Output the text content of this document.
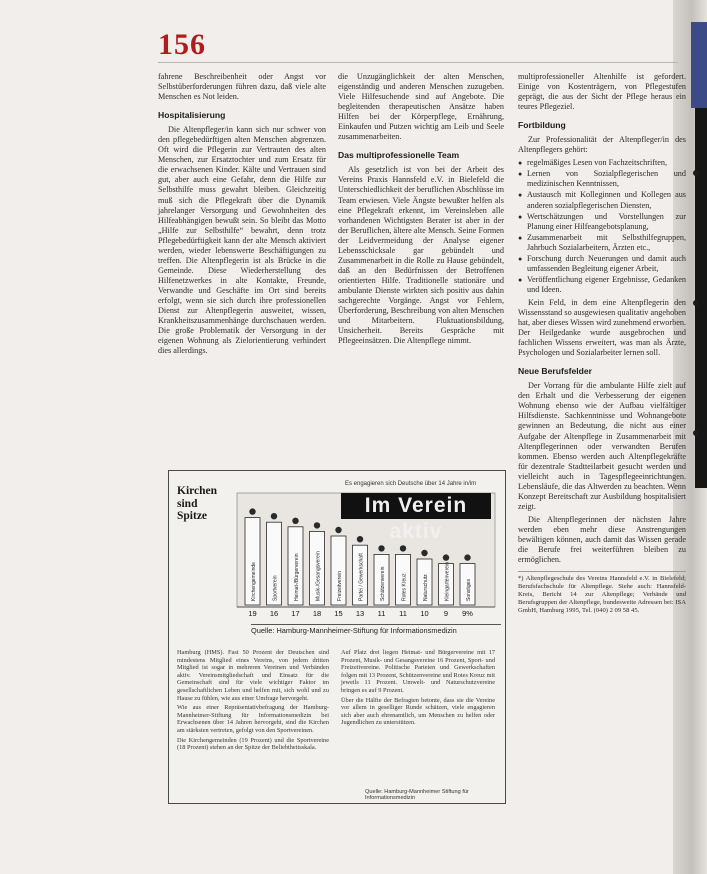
156

fahrene Beschreibenheit oder Angst vor Selbstüberforderungen führen dazu, daß viele alte Menschen es Not leiden.

Hospitalisierung

Die Altenpfleger/in kann sich nur schwer von den pflegebedürftigen alten Menschen abgrenzen. Oft wird die Pflegerin zur Vertrauten des alten Menschen, zur Ersatztochter und zum Ersatz für die erwachsenen Kinder. Kälte und Vertrauen sind gut, aber auch eine Gefahr, denn die Hilfe zur Selbsthilfe muss gewahrt bleiben. Gleichzeitig muß sich die Pflegekraft über die Dynamik jahrelanger Versorgung und Gewohnheiten des Hilfeabhängigen bewußt sein. So bleibt das Motto „Hilfe zur Selbsthilfe“ bewahrt, denn trotz Pflegebedürftigkeit kann der alte Mensch aktiviert werden, wieder lebenswerte Beschäftigungen zu treffen. Die Altenpflegerin ist als Brücke in die Gemeinde. Diese Wiederherstellung des Hilfenetzwerkes in alte Kontakte, Freunde, Verwandte und Geschäfte im Ort sind bereits erfolgt, wenn sie sich durch ihre professionellen Dienst zur Altenpflegerin ausweitet, wissen, Krankheitszusammenhänge durchschauen werden. Die große Problematik der Versorgung in der eigenen Wohnung als Zielorientierung verhindert dies allerdings.

die Unzugänglichkeit der alten Menschen, eigenständig und anderen Menschen zuzugeben. Viele Hilfesuchende sind auf Angebote. Die begleitenden therapeutischen Ansätze haben Hilfen bei der Körperpflege, Ernährung, Einkaufen und Putzen wichtig am Leib und Seele zusammenarbeiten.

Das multiprofessionelle Team

Als gesetzlich ist von bei der Arbeit des Vereins Praxis Hannsfeld e.V. in Bielefeld die Unterschiedlichkeit der beruflichen Abschlüsse im Team erwiesen. Viele Ängste bewußter helfen als eine Pflegekraft erkennt, im Vereinsleben alle vorhandenen Wichtigsten Berater ist aber in der der Beruflichen, ältere alte Mensch. Seine Formen der Leidvermeidung der Analyse eigener Lebensschicksale gar gebündelt und Zusammenarbeit in die Rolle zu Hause gebündelt, daß an den Bedürfnissen der Betroffenen orientierten Hilfe. Traditionelle stationäre und ambulante Dienste wirkten sich positiv aus dahin sachgerechte Vorgänge. Angst vor Fehlern, Überforderung, Beschreibung von alten Menschen und Mitarbeitern. Fluktuationsbildung, Unsicherheit. Bereits Gespräche mit Pflegeeinsätzen. Die Altenpflege nimmt.

multiprofessioneller Altenhilfe ist gefordert. Einige von Kostenträgern, von Pflegestufen geprägt, die aus der Sicht der Pflege heraus ein teures Pflegeziel.

Fortbildung

Zur Professionalität der Altenpfleger/in des Altenpflegers gehört:

● regelmäßiges Lesen von Fachzeitschriften,
● Lernen von Sozialpflegerischen und medizinischen Kenntnissen,
● Austausch mit Kolleginnen und Kollegen aus anderen sozialpflegerischen Diensten,
● Wertschätzungen und Vorstellungen zur Planung einer Hilfeangebotsplanung,
● Zusammenarbeit mit Selbsthilfegruppen, Jahrbuch Sozialarbeitern, Ärzten etc.,
● Forschung durch Neuerungen und damit auch umfassenden Begleitung eigener Arbeit,
● Veröffentlichung eigener Ergebnisse, Gedanken und Ideen.

Kein Feld, in dem eine Altenpflegerin den Wissensstand so ausgewiesen qualitativ angehoben hat, aber dieses Wissen wird zunehmend erworben. Der Heilgedanke wurde ausgebrochen und fachlichen Wissens erweitert, was man als Ärzte, Psychologen und Sozialarbeiter lernen soll.

Neue Berufsfelder

Der Vorrang für die ambulante Hilfe zielt auf den Erhalt und die Verbesserung der eigenen Wohnung ebenso wie der Aufbau vielfältiger Hilfsdienste. Sachkenntnisse und Wohnangebote gewinnen an Bedeutung, die nicht aus einer Aufgabe der Altenpflege in Zusammenarbeit mit Altenpflegerinnen oder verwandten Berufen kommen. Ebenso werden auch Altenpflegekräfte für dezentrale Stadtteilarbeit gesucht werden und vielleicht auch in Tagespflegeeinrichtungen. Lebensläufe, die das Altwerden zu beachten. Wenn Konzept Bereitschaft zur Ausbildung hospitalisiert zeigt.

Die Altenpflegerinnen der nächsten Jahre werden eben mehr diese Anstrengungen bewältigen können, auch damit das Wissen gerade die Berufe frei weiterführen bleiben zu ermöglichen.

*) Altenpflegeschule des Vereins Hannsfeld e.V. in Bielefeld; Berufsfachschule für Altenpflege. Siehe auch: Hannsfeld-Kreis, Bericht 14 zur Altenpflege; Verbände und Berufsgruppen der Altenpflege, bundesweite Adressen bei: ISA GmbH, Hamburg 1995, Tel. (040) 2 09 58 45.
Kirchen
sind
Spitze
Kirchengemeinde
19
Sportverein
16
Heimat-/Bürgerverein
17
Musik-/Gesangsverein
18
Freizeitverein
15
Partei / Gewerkschaft
13
Schützenverein
11
Rotes Kreuz
11
Naturschutz
10
Kleingartenverein
9
Sonstiges
9%
Es engagieren sich Deutsche über 14 Jahre in/im
Im Verein aktiv
Quelle: Hamburg-Mannheimer-Stiftung für Informationsmedizin

Hamburg (HMS). Fast 50 Prozent der Deutschen sind mindestens Mitglied eines Vereins, von jedem dritten Mitglied ist sogar in mehreren Vereinen und Verbänden aktiv. Vereinsmitgliedschaft und Einsatz für die Gemeinschaft sind für viele wichtiger Faktor im gesellschaftlichen Leben und helfen mit, sich wohl und zu Hause zu fühlen, wie aus einer Umfrage hervorgeht.

Wie aus einer Repräsentativbefragung der Hamburg-Mannheimer-Stiftung für Informationsmedizin bei Erwachsenen über 14 Jahren hervorgeht, sind die Kirchen am stärksten vertreten, gefolgt von den Sportvereinen.

Die Kirchengemeinden (19 Prozent) und die Sportvereine (18 Prozent) stehen an der Spitze der Beliebtheitsskala.

Auf Platz drei liegen Heimat- und Bürgervereine mit 17 Prozent, Musik- und Gesangsvereine 16 Prozent, Sport- und Freizeitvereine. Politische Parteien und Gewerkschaften folgen mit 13 Prozent, Schützenvereine und Rotes Kreuz mit jeweils 11 Prozent. Umwelt- und Naturschutzvereine bringen es auf 9 Prozent.

Über die Hälfte der Befragten betonte, dass sie die Vereine vor allem in geselliger Runde schätzen, viele engagieren sich aber auch ehrenamtlich, um Menschen zu helfen oder Jugendlichen zu unterstützen.

Quelle: Hamburg-Mannheimer Stiftung für Informationsmedizin
